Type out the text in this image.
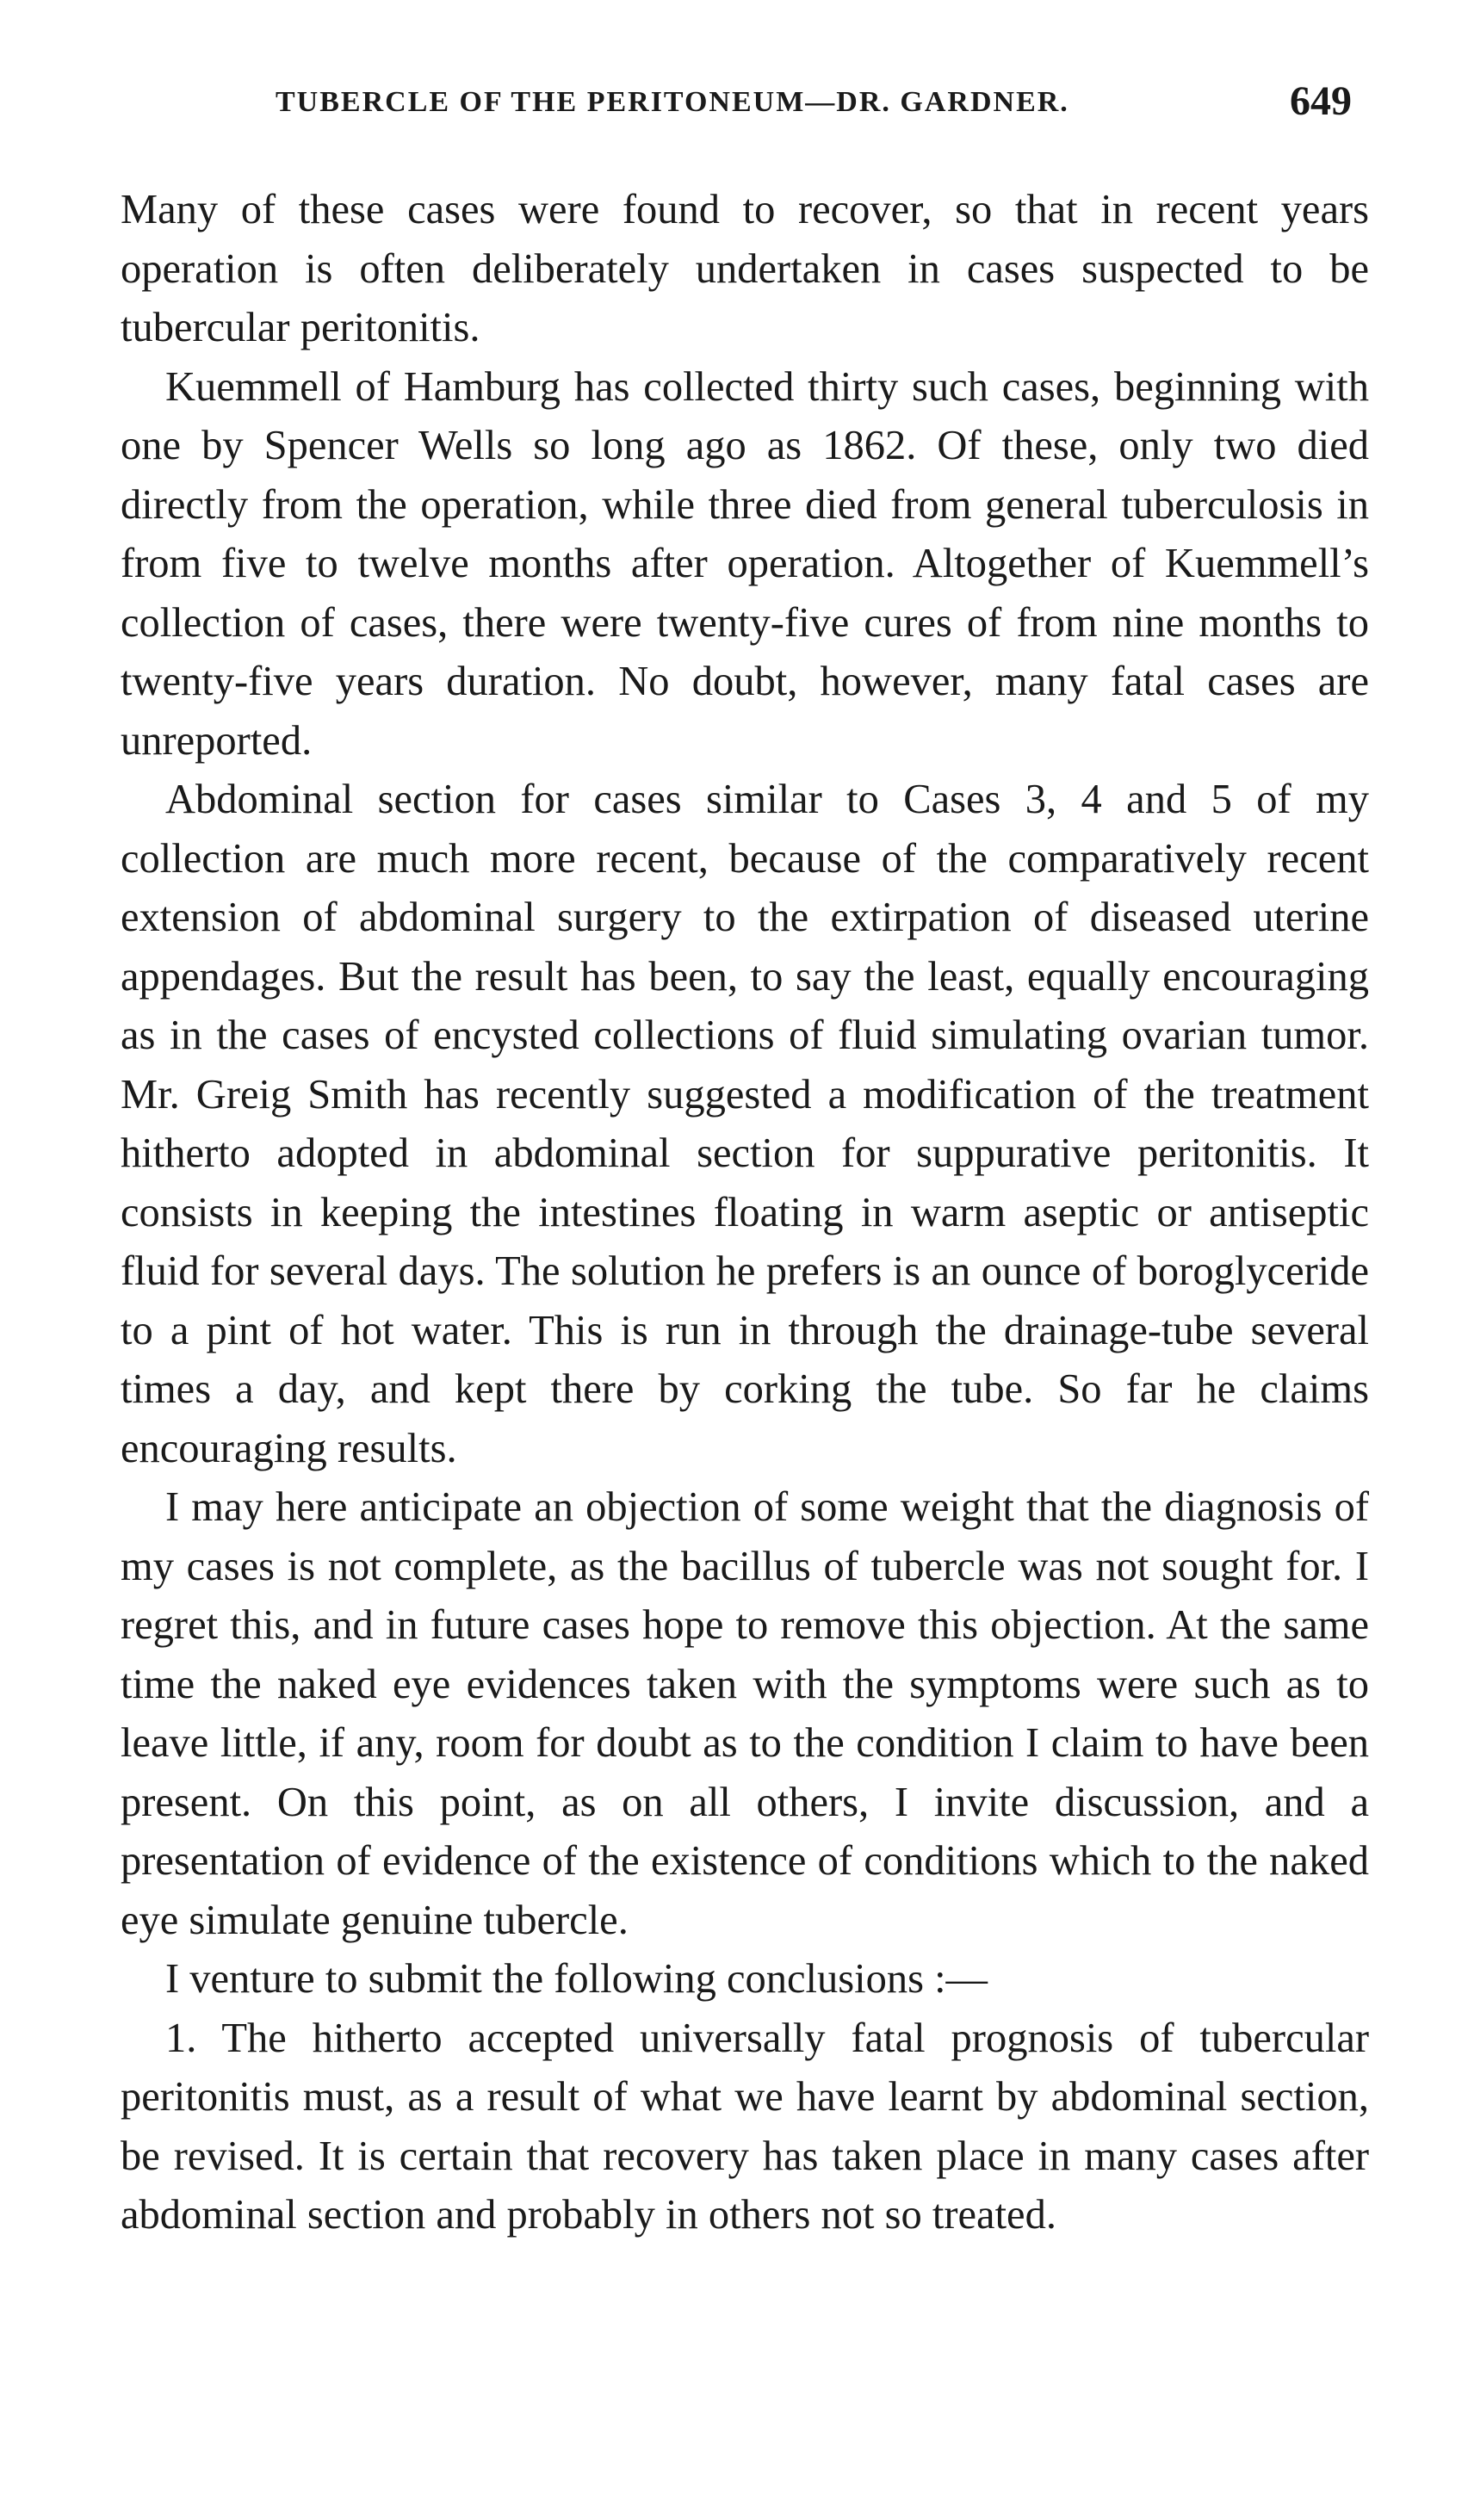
TUBERCLE OF THE PERITONEUM—DR. GARDNER.	649

Many of these cases were found to recover, so that in recent years operation is often deliberately undertaken in cases suspected to be tubercular peritonitis.

Kuemmell of Hamburg has collected thirty such cases, beginning with one by Spencer Wells so long ago as 1862. Of these, only two died directly from the operation, while three died from general tuberculosis in from five to twelve months after operation. Altogether of Kuemmell’s collection of cases, there were twenty-five cures of from nine months to twenty-five years duration. No doubt, however, many fatal cases are unreported.

Abdominal section for cases similar to Cases 3, 4 and 5 of my collection are much more recent, because of the comparatively recent extension of abdominal surgery to the extirpation of diseased uterine appendages. But the result has been, to say the least, equally encouraging as in the cases of encysted collections of fluid simulating ovarian tumor. Mr. Greig Smith has recently suggested a modification of the treatment hitherto adopted in abdominal section for suppurative peritonitis. It consists in keeping the intestines floating in warm aseptic or antiseptic fluid for several days. The solution he prefers is an ounce of boroglyceride to a pint of hot water. This is run in through the drainage-tube several times a day, and kept there by corking the tube. So far he claims encouraging results.

I may here anticipate an objection of some weight that the diagnosis of my cases is not complete, as the bacillus of tubercle was not sought for. I regret this, and in future cases hope to remove this objection. At the same time the naked eye evidences taken with the symptoms were such as to leave little, if any, room for doubt as to the condition I claim to have been present. On this point, as on all others, I invite discussion, and a presentation of evidence of the existence of conditions which to the naked eye simulate genuine tubercle.

I venture to submit the following conclusions :—

1. The hitherto accepted universally fatal prognosis of tubercular peritonitis must, as a result of what we have learnt by abdominal section, be revised. It is certain that recovery has taken place in many cases after abdominal section and probably in others not so treated.
